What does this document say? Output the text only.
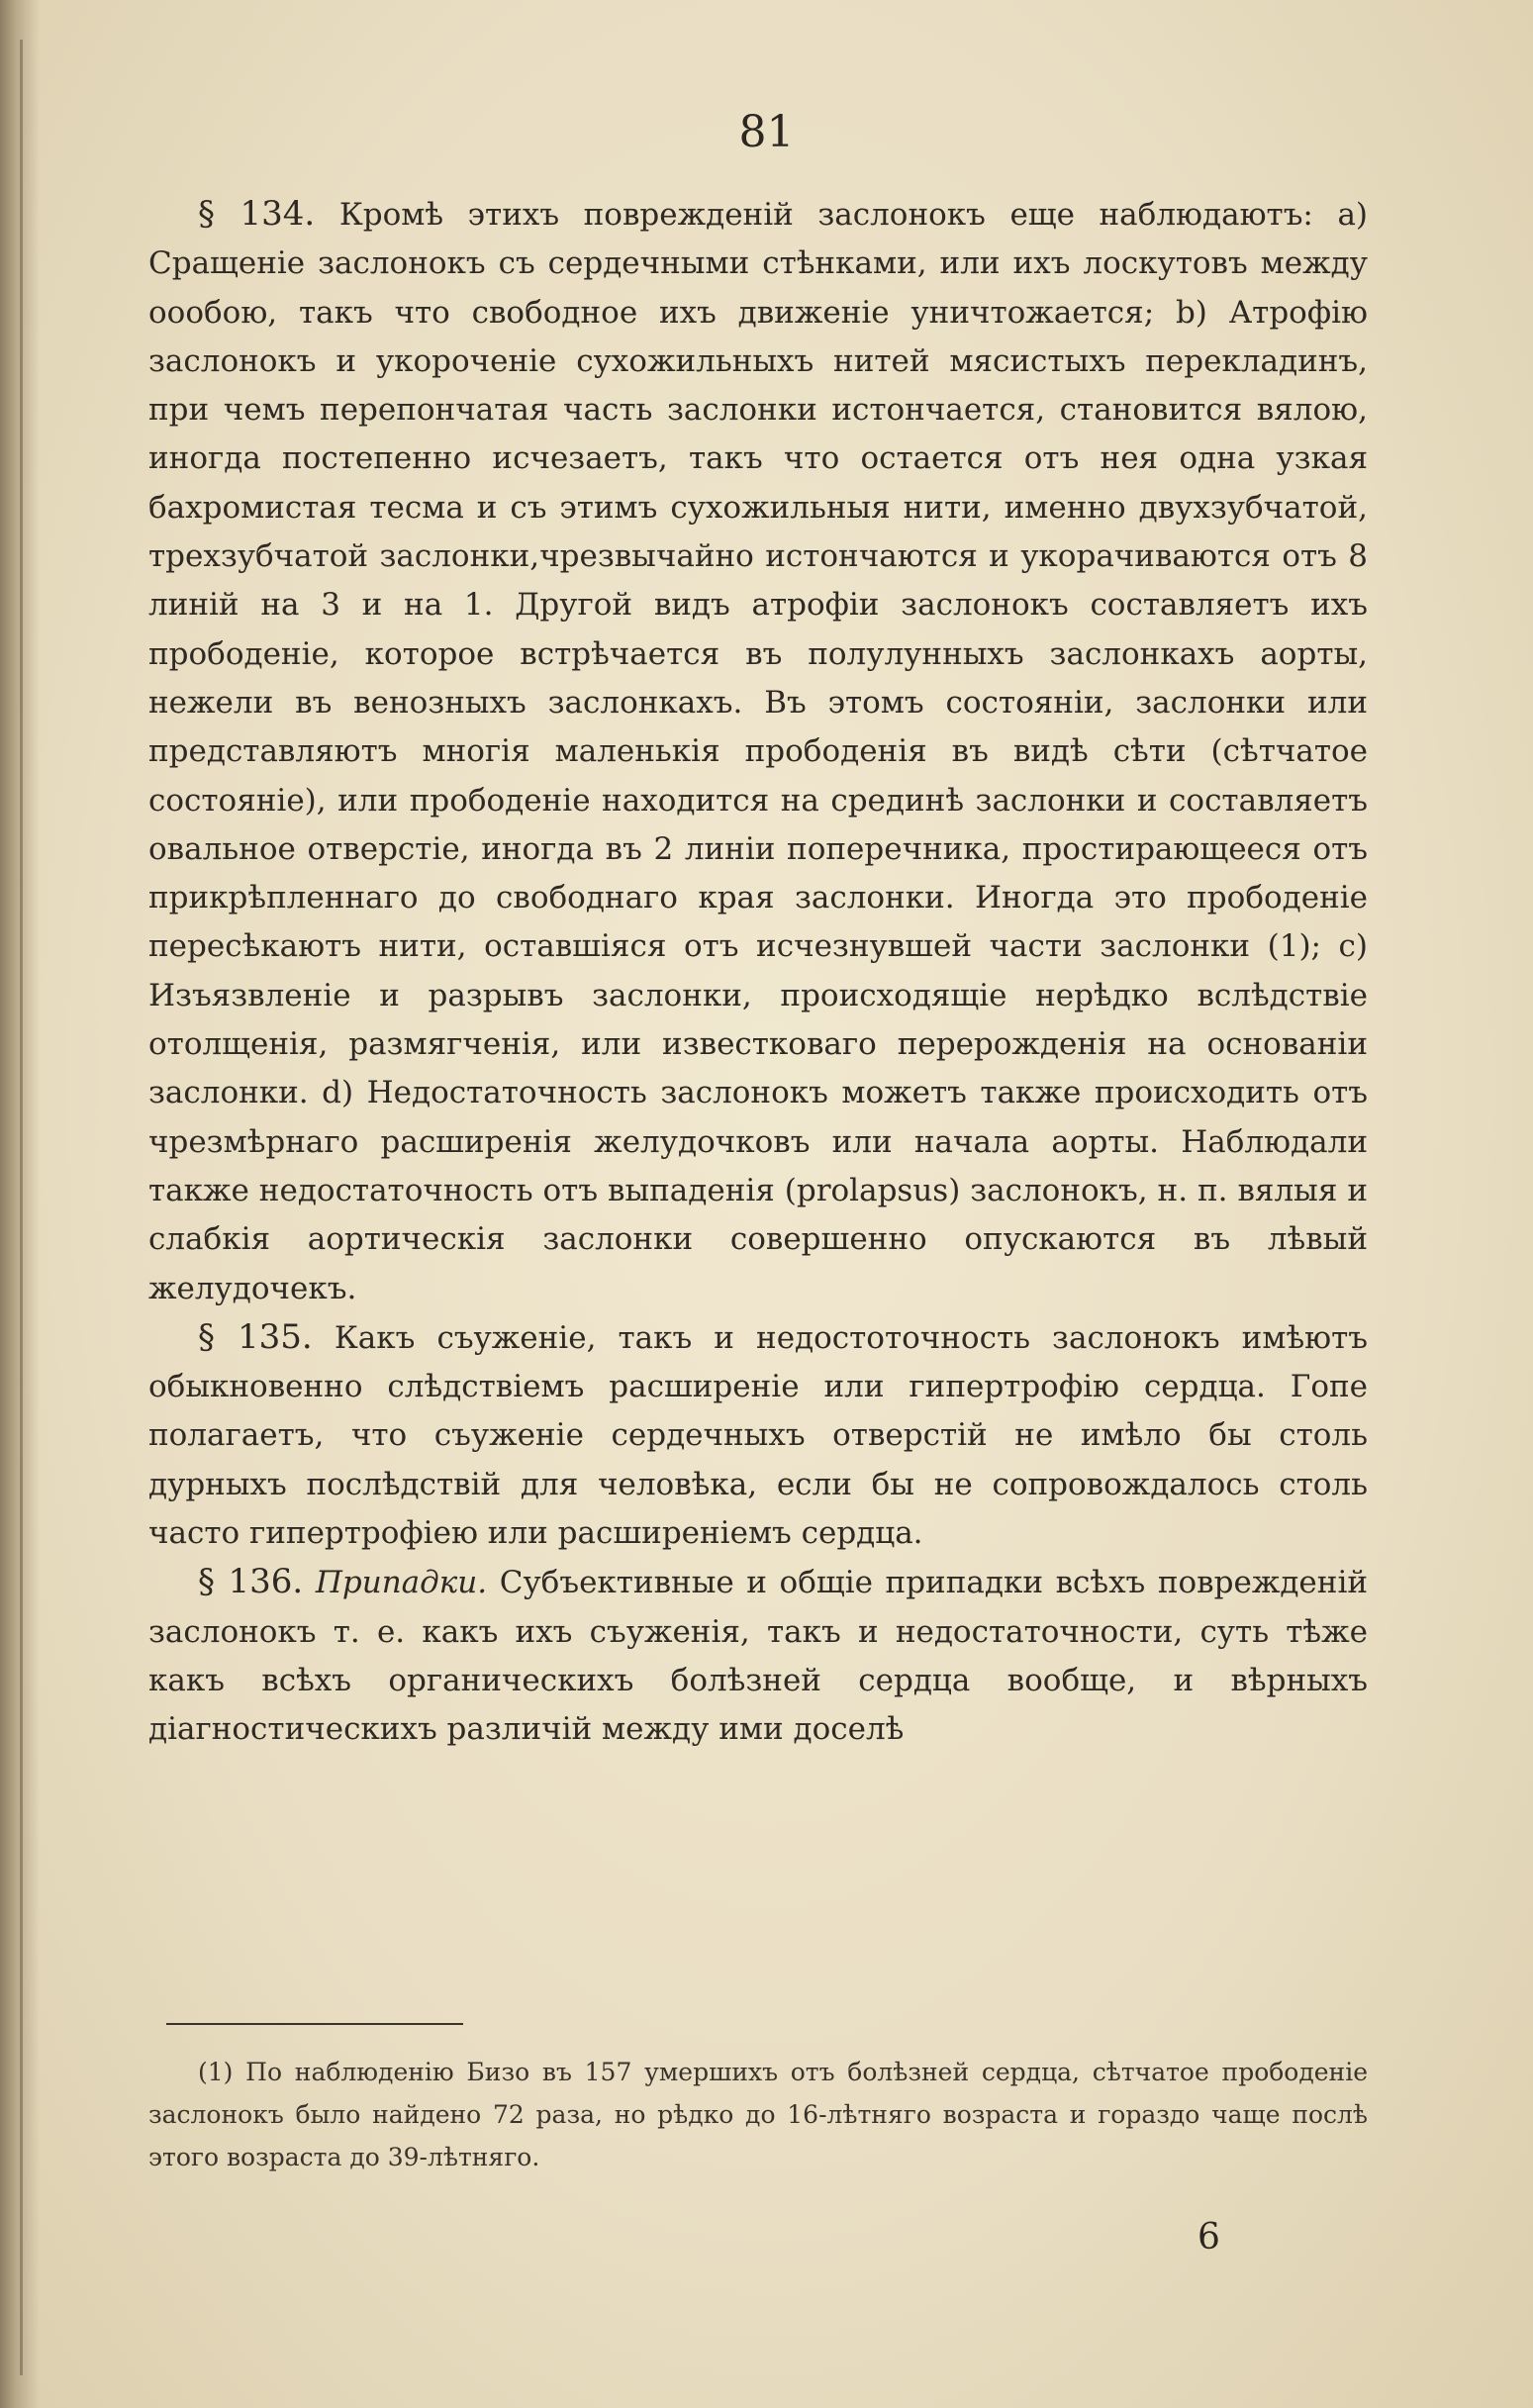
81

§ 134. Кромѣ этихъ поврежденій заслонокъ еще наблюдаютъ: а) Сращеніе заслонокъ съ сердечными стѣнками, или ихъ лоскутовъ между оообою, такъ что свободное ихъ движеніе уничтожается; b) Атрофію заслонокъ и укороченіе сухожильныхъ нитей мясистыхъ перекладинъ, при чемъ перепончатая часть заслонки истончается, становится вялою, иногда постепенно исчезаетъ, такъ что остается отъ нея одна узкая бахромистая тесма и съ этимъ сухожильныя нити, именно двухзубчатой, трехзубчатой заслонки,чрезвычайно истончаются и укорачиваются отъ 8 линій на 3 и на 1. Другой видъ атрофіи заслонокъ составляетъ ихъ прободеніе, которое встрѣчается въ полулунныхъ заслонкахъ аорты, нежели въ венозныхъ заслонкахъ. Въ этомъ состояніи, заслонки или представляютъ многія маленькія прободенія въ видѣ сѣти (сѣтчатое состояніе), или прободеніе находится на срединѣ заслонки и составляетъ овальное отверстіе, иногда въ 2 линіи поперечника, простирающееся отъ прикрѣпленнаго до свободнаго края заслонки. Иногда это прободеніе пересѣкаютъ нити, оставшіяся отъ исчезнувшей части заслонки (1); c) Изъязвленіе и разрывъ заслонки, происходящіе нерѣдко вслѣдствіе отолщенія, размягченія, или известковаго перерожденія на основаніи заслонки. d) Недостаточность заслонокъ можетъ также происходить отъ чрезмѣрнаго расширенія желудочковъ или начала аорты. Наблюдали также недостаточность отъ выпаденія (prolapsus) заслонокъ, н. п. вялыя и слабкія аортическія заслонки совершенно опускаются въ лѣвый желудочекъ.

§ 135. Какъ съуженіе, такъ и недостоточность заслонокъ имѣютъ обыкновенно слѣдствіемъ расширеніе или гипертрофію сердца. Гопе полагаетъ, что съуженіе сердечныхъ отверстій не имѣло бы столь дурныхъ послѣдствій для человѣка, если бы не сопровождалось столь часто гипертрофіею или расширеніемъ сердца.

§ 136. Припадки. Субъективные и общіе припадки всѣхъ поврежденій заслонокъ т. е. какъ ихъ съуженія, такъ и недостаточности, суть тѣже какъ всѣхъ органическихъ болѣзней сердца вообще, и вѣрныхъ діагностическихъ различій между ими доселѣ

(1) По наблюденію Бизо въ 157 умершихъ отъ болѣзней сердца, сѣтчатое прободеніе заслонокъ было найдено 72 раза, но рѣдко до 16-лѣтняго возраста и гораздо чаще послѣ этого возраста до 39-лѣтняго.

6
